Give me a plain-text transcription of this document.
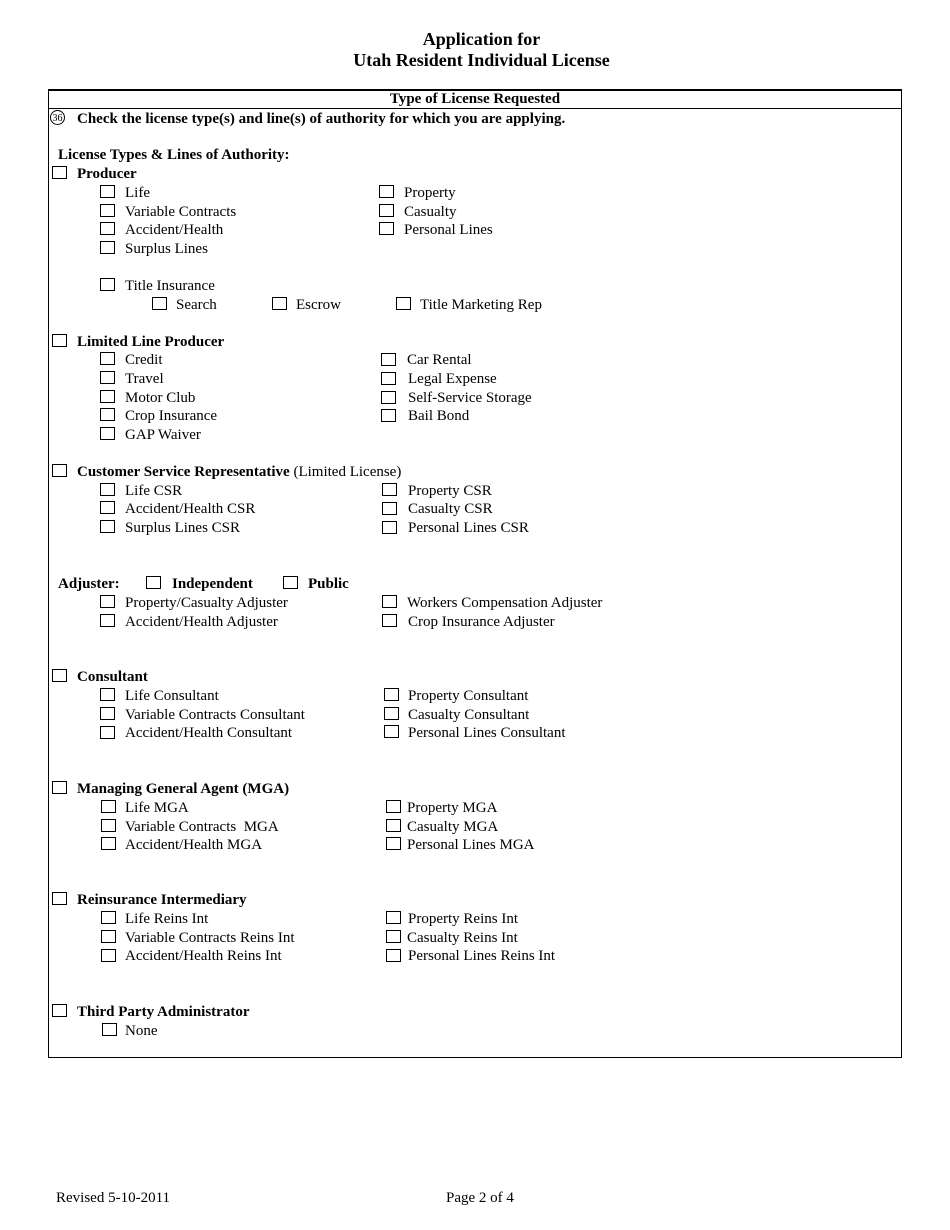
Application for
Utah Resident Individual License
Type of License Requested
36 Check the license type(s) and line(s) of authority for which you are applying.
License Types & Lines of Authority:
Producer
Life
Variable Contracts
Accident/Health
Surplus Lines
Property
Casualty
Personal Lines
Title Insurance
Search	Escrow	Title Marketing Rep
Limited Line Producer
Credit
Travel
Motor Club
Crop Insurance
GAP Waiver
Car Rental
Legal Expense
Self-Service Storage
Bail Bond
Customer Service Representative (Limited License)
Life CSR
Accident/Health CSR
Surplus Lines CSR
Property CSR
Casualty CSR
Personal Lines CSR
Adjuster:	Independent	Public
Property/Casualty Adjuster
Accident/Health Adjuster
Workers Compensation Adjuster
Crop Insurance Adjuster
Consultant
Life Consultant
Variable Contracts Consultant
Accident/Health Consultant
Property Consultant
Casualty Consultant
Personal Lines Consultant
Managing General Agent (MGA)
Life MGA
Variable Contracts  MGA
Accident/Health MGA
Property MGA
Casualty MGA
Personal Lines MGA
Reinsurance Intermediary
Life Reins Int
Variable Contracts Reins Int
Accident/Health Reins Int
Property Reins Int
Casualty Reins Int
Personal Lines Reins Int
Third Party Administrator
None
Revised 5-10-2011	Page 2 of 4
